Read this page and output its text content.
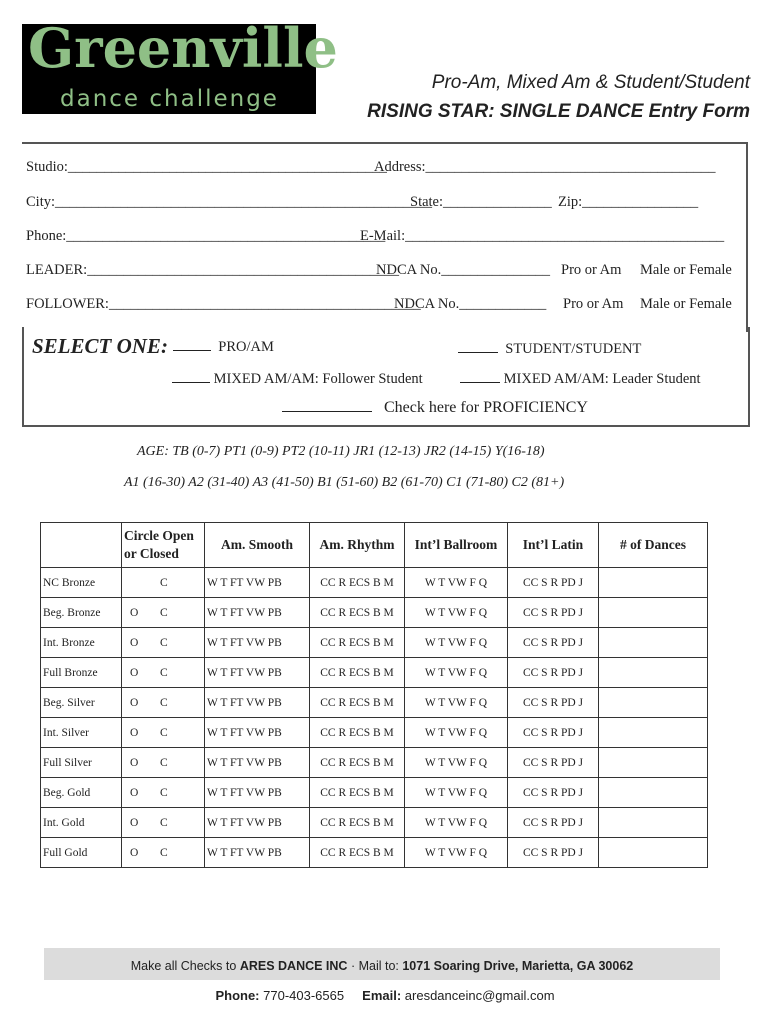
Greenville
dance challenge
Pro-Am, Mixed Am & Student/Student
RISING STAR: SINGLE DANCE Entry Form
Studio:____________________________________________
Address:________________________________________
City:____________________________________________________
State:_______________ Zip:________________
Phone:____________________________________________
E-Mail:____________________________________________
LEADER:___________________________________________
NDCA No._______________ Pro or Am Male or Female
FOLLOWER:___________________________________________
NDCA No.____________ Pro or Am Male or Female
SELECT ONE:	PRO/AM	STUDENT/STUDENT
MIXED AM/AM: Follower Student	MIXED AM/AM: Leader Student
Check here for PROFICIENCY
AGE: TB (0-7) PT1 (0-9) PT2 (10-11) JR1 (12-13) JR2 (14-15) Y(16-18)
A1 (16-30) A2 (31-40) A3 (41-50) B1 (51-60) B2 (61-70) C1 (71-80) C2 (81+)
	Circle Open or Closed	Am. Smooth	Am. Rhythm	Int’l Ballroom	Int’l Latin	# of Dances
NC Bronze	C	W T FT VW PB	CC R ECS B M	W T VW F Q	CC S R PD J	
Beg. Bronze	O C	W T FT VW PB	CC R ECS B M	W T VW F Q	CC S R PD J	
Int. Bronze	O C	W T FT VW PB	CC R ECS B M	W T VW F Q	CC S R PD J	
Full Bronze	O C	W T FT VW PB	CC R ECS B M	W T VW F Q	CC S R PD J	
Beg. Silver	O C	W T FT VW PB	CC R ECS B M	W T VW F Q	CC S R PD J	
Int. Silver	O C	W T FT VW PB	CC R ECS B M	W T VW F Q	CC S R PD J	
Full Silver	O C	W T FT VW PB	CC R ECS B M	W T VW F Q	CC S R PD J	
Beg. Gold	O C	W T FT VW PB	CC R ECS B M	W T VW F Q	CC S R PD J	
Int. Gold	O C	W T FT VW PB	CC R ECS B M	W T VW F Q	CC S R PD J	
Full Gold	O C	W T FT VW PB	CC R ECS B M	W T VW F Q	CC S R PD J	
Make all Checks to ARES DANCE INC · Mail to: 1071 Soaring Drive, Marietta, GA 30062
Phone: 770-403-6565 Email: aresdanceinc@gmail.com
